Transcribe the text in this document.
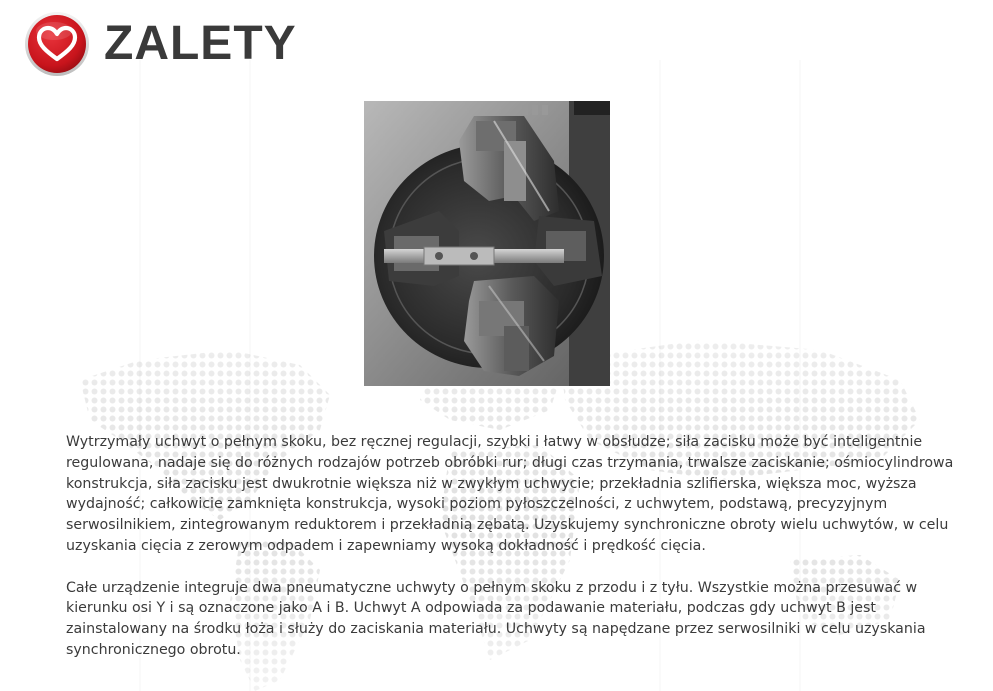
ZALETY

Wytrzymały uchwyt o pełnym skoku, bez ręcznej regulacji, szybki i łatwy w obsłudze; siła zacisku może być inteligentnie regulowana, nadaje się do różnych rodzajów potrzeb obróbki rur; długi czas trzymania, trwalsze zaciskanie; ośmiocylindrowa konstrukcja, siła zacisku jest dwukrotnie większa niż w zwykłym uchwycie; przekładnia szlifierska, większa moc, wyższa wydajność; całkowicie zamknięta konstrukcja, wysoki poziom pyłoszczelności, z uchwytem, podstawą, precyzyjnym serwosilnikiem, zintegrowanym reduktorem i przekładnią zębatą. Uzyskujemy synchroniczne obroty wielu uchwytów, w celu uzyskania cięcia z zerowym odpadem i zapewniamy wysoką dokładność i prędkość cięcia.

Całe urządzenie integruje dwa pneumatyczne uchwyty o pełnym skoku z przodu i z tyłu. Wszystkie można przesuwać w kierunku osi Y i są oznaczone jako A i B. Uchwyt A odpowiada za podawanie materiału, podczas gdy uchwyt B jest zainstalowany na środku łoża i służy do zaciskania materiału. Uchwyty są napędzane przez serwosilniki w celu uzyskania synchronicznego obrotu.
